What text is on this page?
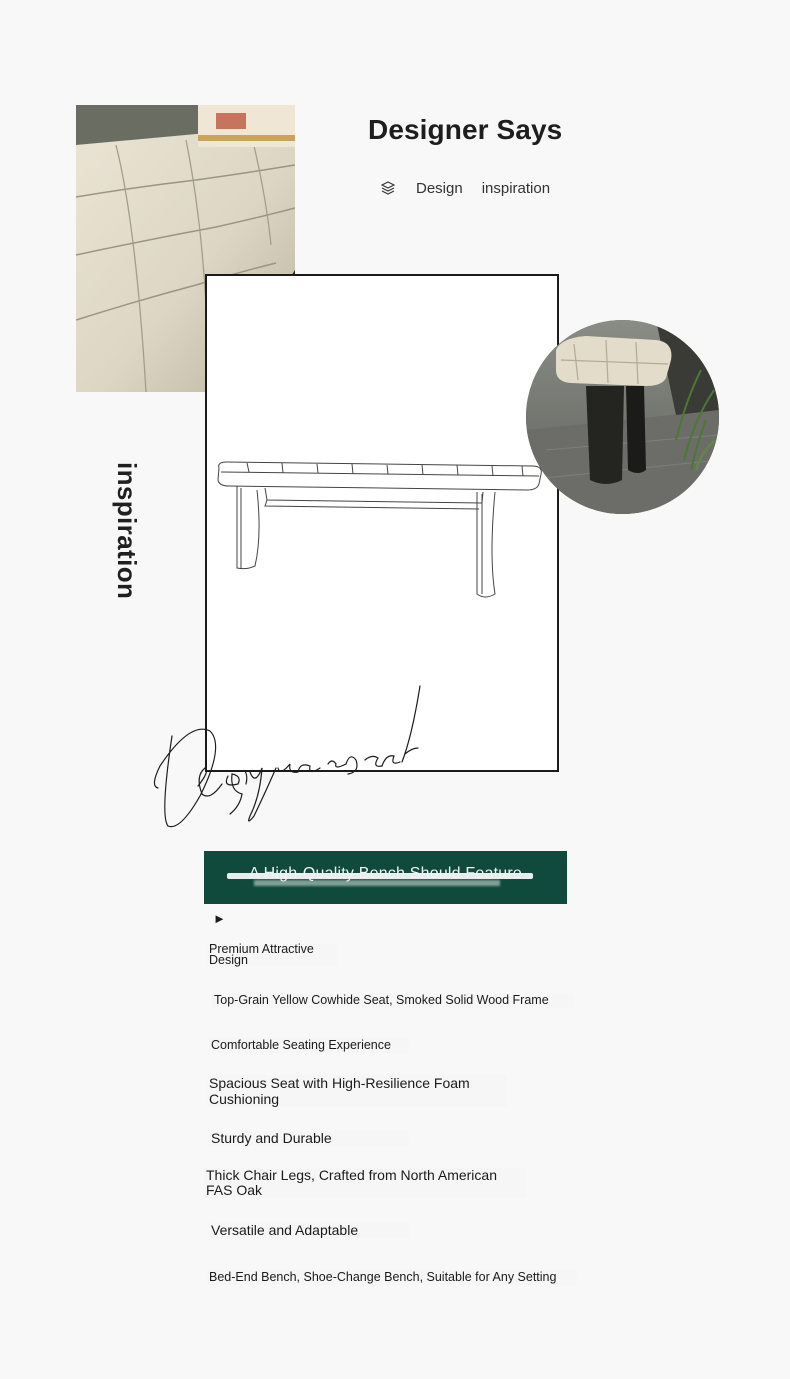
Designer Says
Design inspiration
inspiration
A High-Quality Bench Should Feature
►
Premium Attractive Design
Top-Grain Yellow Cowhide Seat, Smoked Solid Wood Frame
Comfortable Seating Experience
Spacious Seat with High-Resilience Foam Cushioning
Sturdy and Durable
Thick Chair Legs, Crafted from North American FAS Oak
Versatile and Adaptable
Bed-End Bench, Shoe-Change Bench, Suitable for Any Setting
